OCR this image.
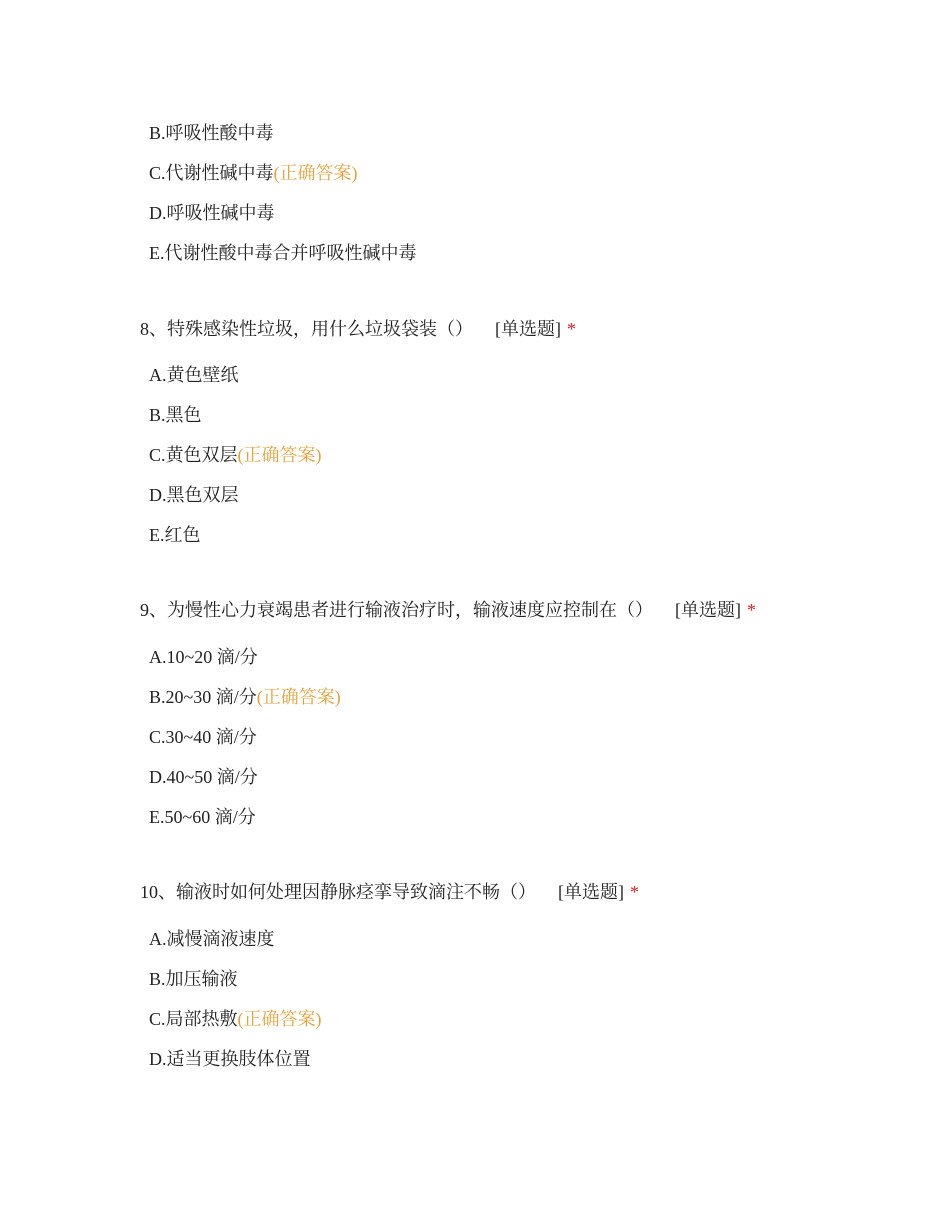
B.呼吸性酸中毒
C.代谢性碱中毒(正确答案)
D.呼吸性碱中毒
E.代谢性酸中毒合并呼吸性碱中毒
8、特殊感染性垃圾，用什么垃圾袋装（） [单选题] *
A.黄色壁纸
B.黑色
C.黄色双层(正确答案)
D.黑色双层
E.红色
9、为慢性心力衰竭患者进行输液治疗时，输液速度应控制在（） [单选题] *
A.10~20 滴/分
B.20~30 滴/分(正确答案)
C.30~40 滴/分
D.40~50 滴/分
E.50~60 滴/分
10、输液时如何处理因静脉痉挛导致滴注不畅（） [单选题] *
A.减慢滴液速度
B.加压输液
C.局部热敷(正确答案)
D.适当更换肢体位置
